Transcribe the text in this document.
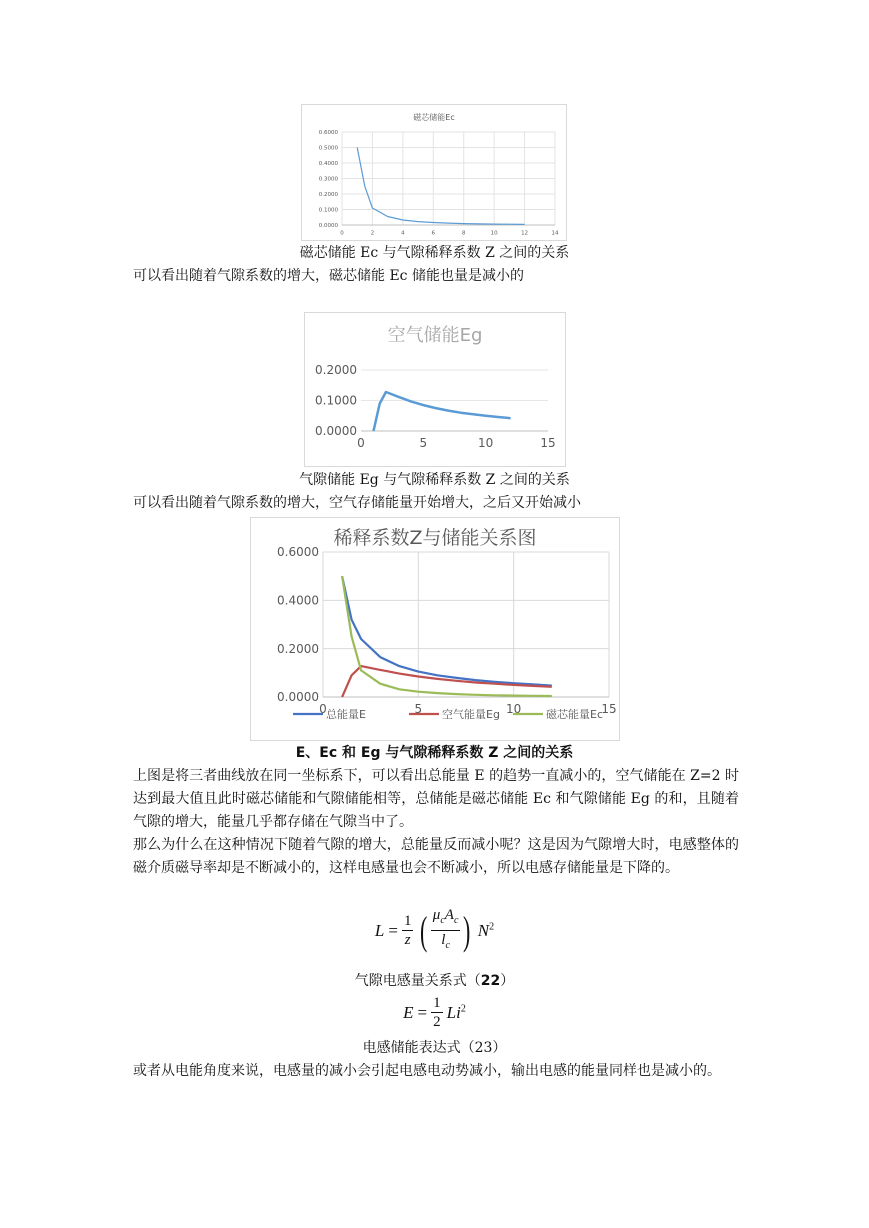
磁芯储能Ec
0.0000
0.1000
0.2000
0.3000
0.4000
0.5000
0.6000
0	2	4	6	8	10	12	14
磁芯储能 Ec 与气隙稀释系数 Z 之间的关系
可以看出随着气隙系数的增大，磁芯储能 Ec 储能也量是减小的
空气储能Eg
0.0000
0.1000
0.2000
0	5	10	15
气隙储能 Eg 与气隙稀释系数 Z 之间的关系
可以看出随着气隙系数的增大，空气存储能量开始增大，之后又开始减小
稀释系数Z与储能关系图
0.0000
0.2000
0.4000
0.6000
0	5	10	15
总能量E	空气能量Eg	磁芯能量Ec
E、Ec 和 Eg 与气隙稀释系数 Z 之间的关系
上图是将三者曲线放在同一坐标系下，可以看出总能量 E 的趋势一直减小的，空气储能在 Z=2 时达到最大值且此时磁芯储能和气隙储能相等，总储能是磁芯储能 Ec 和气隙储能 Eg 的和，且随着气隙的增大，能量几乎都存储在气隙当中了。
那么为什么在这种情况下随着气隙的增大，总能量反而减小呢？这是因为气隙增大时，电感整体的磁介质磁导率却是不断减小的，这样电感量也会不断减小，所以电感存储能量是下降的。
$L = \frac{1}{z}$ ( $\mu_cA_c$
$l_c$ ) $N^2$
气隙电感量关系式（22）
$E = \frac{1}{2} Li^2$
电感储能表达式（23）
或者从电能角度来说，电感量的减小会引起电感电动势减小，输出电感的能量同样也是减小的。
